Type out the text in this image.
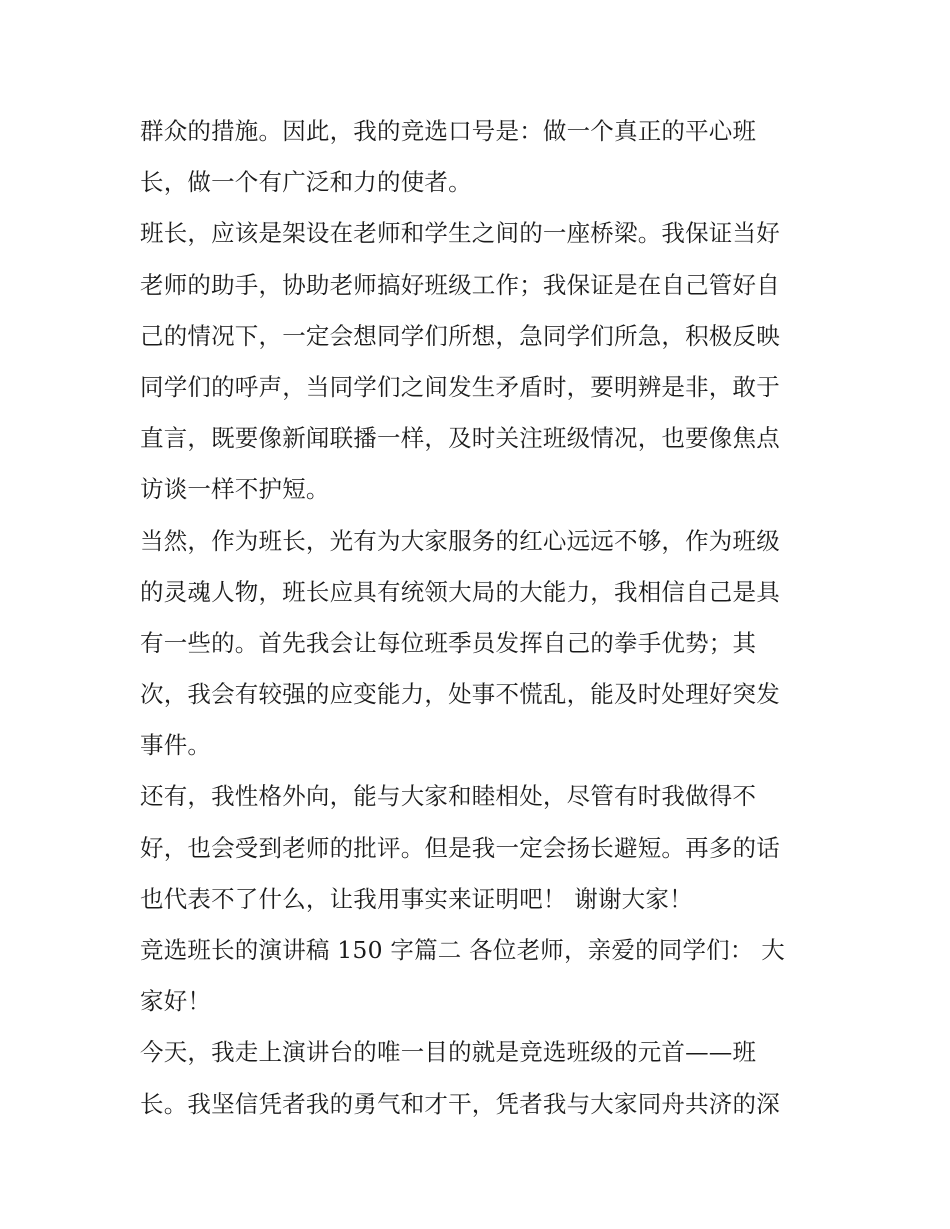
群众的措施。因此，我的竞选口号是：做一个真正的平心班
长，做一个有广泛和力的使者。
班长，应该是架设在老师和学生之间的一座桥梁。我保证当好
老师的助手，协助老师搞好班级工作；我保证是在自己管好自
己的情况下，一定会想同学们所想，急同学们所急，积极反映
同学们的呼声，当同学们之间发生矛盾时，要明辨是非，敢于
直言，既要像新闻联播一样，及时关注班级情况，也要像焦点
访谈一样不护短。
当然，作为班长，光有为大家服务的红心远远不够，作为班级
的灵魂人物，班长应具有统领大局的大能力，我相信自己是具
有一些的。首先我会让每位班季员发挥自己的拳手优势；其
次，我会有较强的应变能力，处事不慌乱，能及时处理好突发
事件。
还有，我性格外向，能与大家和睦相处，尽管有时我做得不
好，也会受到老师的批评。但是我一定会扬长避短。再多的话
也代表不了什么，让我用事实来证明吧！ 谢谢大家！
竞选班长的演讲稿 150 字篇二 各位老师，亲爱的同学们： 大
家好！
今天，我走上演讲台的唯一目的就是竞选班级的元首——班
长。我坚信凭者我的勇气和才干，凭者我与大家同舟共济的深
